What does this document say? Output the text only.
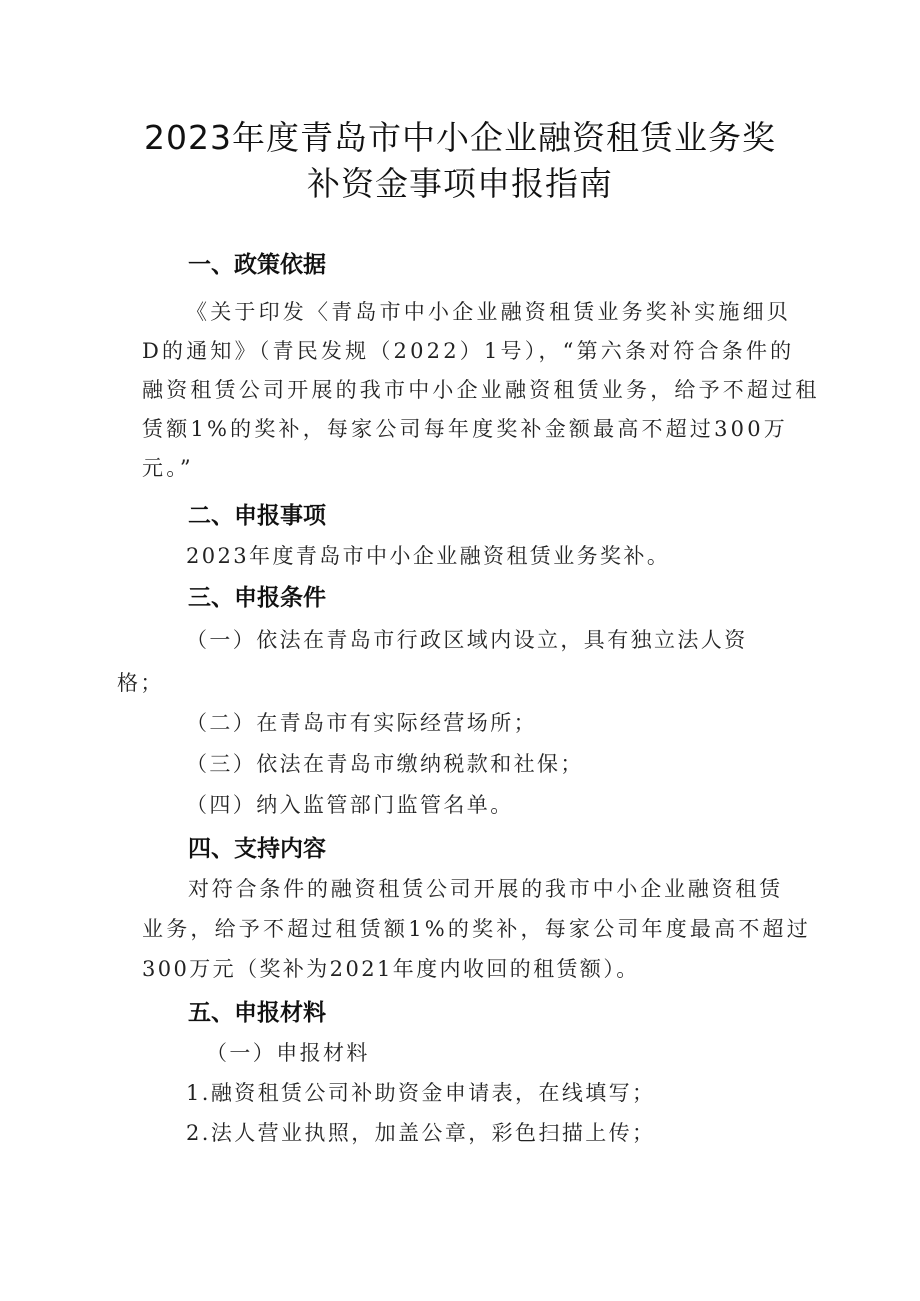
2023年度青岛市中小企业融资租赁业务奖
补资金事项申报指南
一、政策依据
《关于印发〈青岛市中小企业融资租赁业务奖补实施细贝
D的通知》（青民发规（2022）1号），“第六条对符合条件的
融资租赁公司开展的我市中小企业融资租赁业务，给予不超过租
赁额1%的奖补，每家公司每年度奖补金额最高不超过300万
元。”
二、申报事项
2023年度青岛市中小企业融资租赁业务奖补。
三、申报条件
（一）依法在青岛市行政区域内设立，具有独立法人资
格；
（二）在青岛市有实际经营场所；
（三）依法在青岛市缴纳税款和社保；
（四）纳入监管部门监管名单。
四、支持内容
对符合条件的融资租赁公司开展的我市中小企业融资租赁
业务，给予不超过租赁额1%的奖补，每家公司年度最高不超过
300万元（奖补为2021年度内收回的租赁额）。
五、申报材料
（一）申报材料
1.融资租赁公司补助资金申请表，在线填写；
2.法人营业执照，加盖公章，彩色扫描上传；
